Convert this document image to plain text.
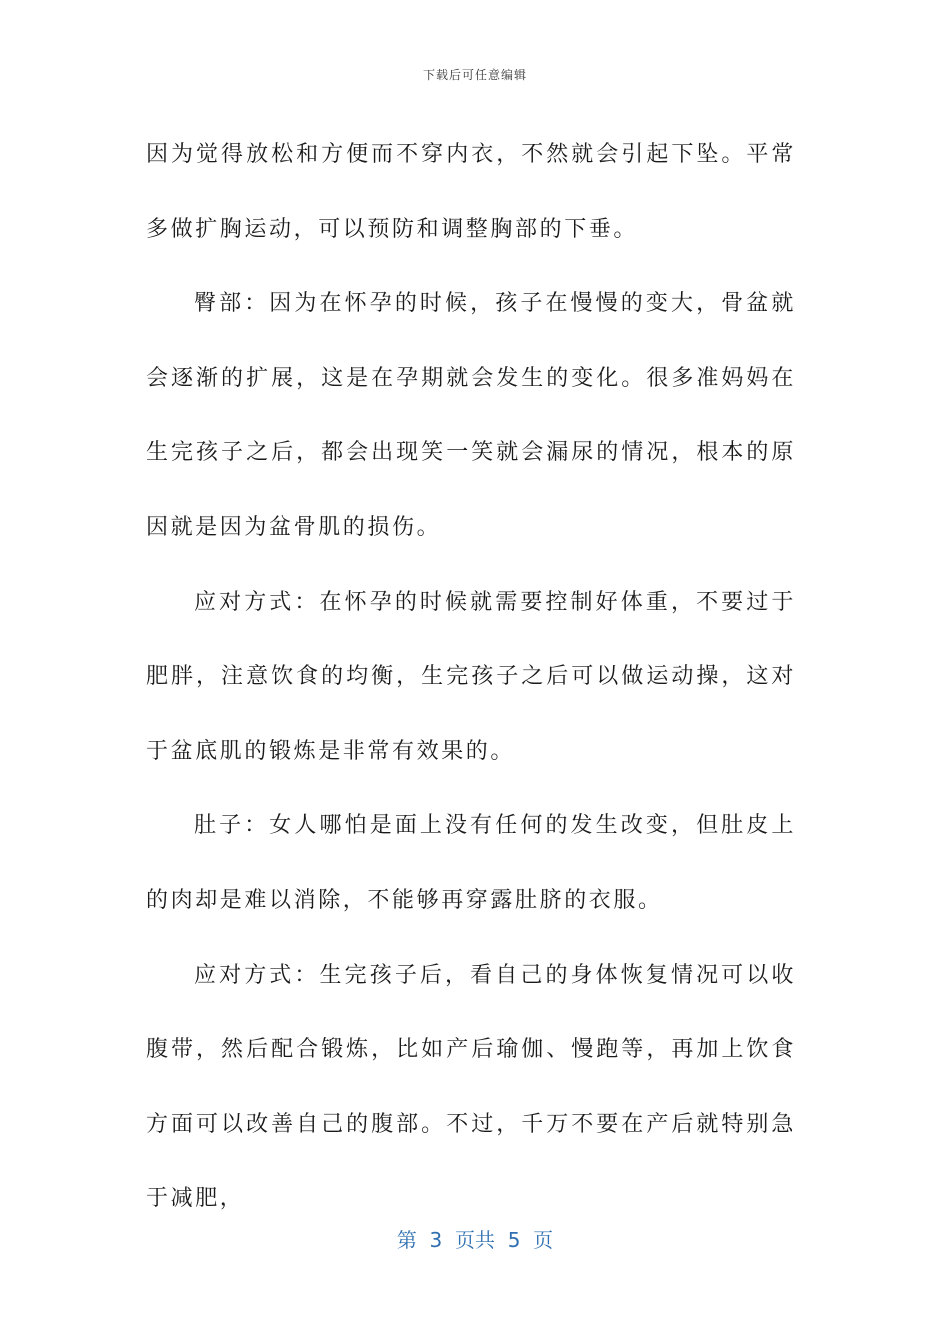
下载后可任意编辑

因为觉得放松和方便而不穿内衣，不然就会引起下坠。平常多做扩胸运动，可以预防和调整胸部的下垂。

臀部：因为在怀孕的时候，孩子在慢慢的变大，骨盆就会逐渐的扩展，这是在孕期就会发生的变化。很多准妈妈在生完孩子之后，都会出现笑一笑就会漏尿的情况，根本的原因就是因为盆骨肌的损伤。

应对方式：在怀孕的时候就需要控制好体重，不要过于肥胖，注意饮食的均衡，生完孩子之后可以做运动操，这对于盆底肌的锻炼是非常有效果的。

肚子：女人哪怕是面上没有任何的发生改变，但肚皮上的肉却是难以消除，不能够再穿露肚脐的衣服。

应对方式：生完孩子后，看自己的身体恢复情况可以收腹带，然后配合锻炼，比如产后瑜伽、慢跑等，再加上饮食方面可以改善自己的腹部。不过，千万不要在产后就特别急于减肥，

第  3  页共  5  页
